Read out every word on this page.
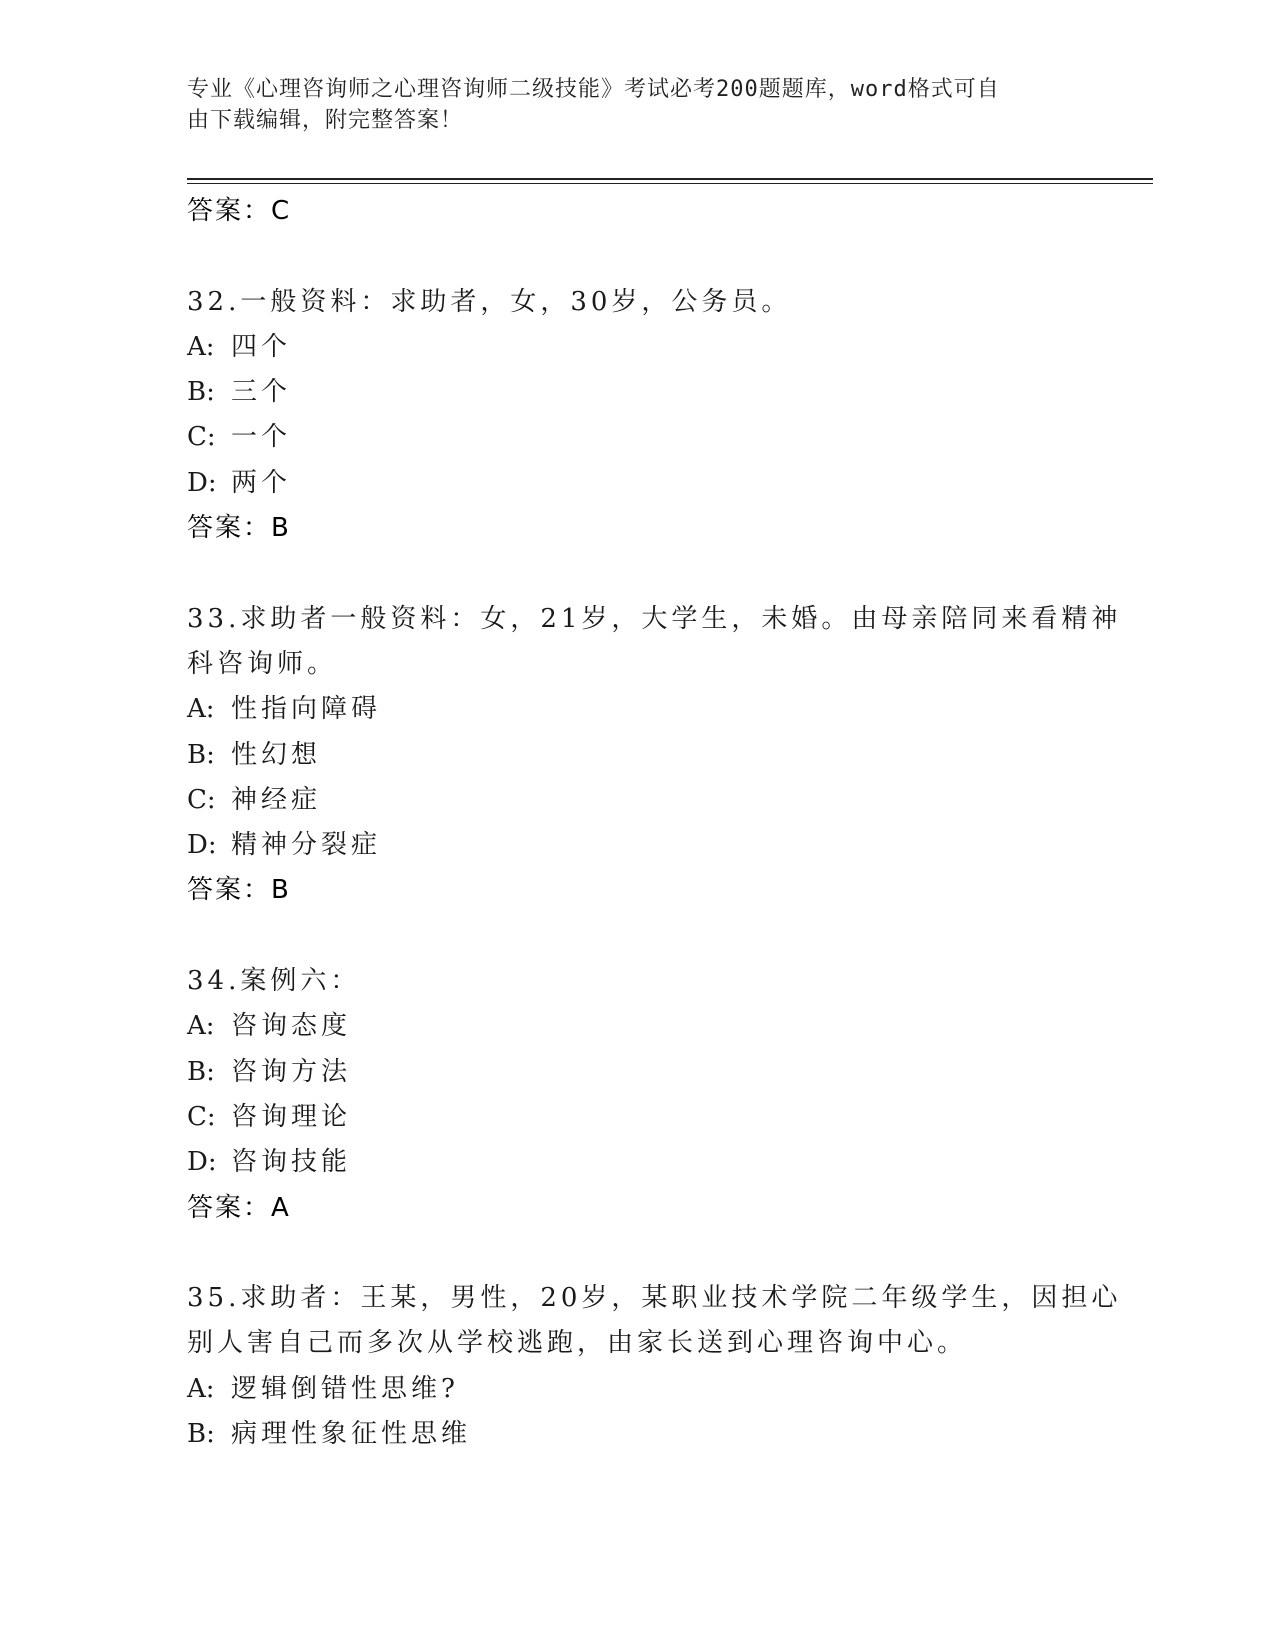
专业《心理咨询师之心理咨询师二级技能》考试必考200题题库，word格式可自
由下载编辑，附完整答案！
答案：C
32.一般资料：求助者，女，30岁，公务员。
A: 四个
B: 三个
C: 一个
D: 两个
答案：B
33.求助者一般资料：女，21岁，大学生，未婚。由母亲陪同来看精神
科咨询师。
A: 性指向障碍
B: 性幻想
C: 神经症
D: 精神分裂症
答案：B
34.案例六：
A: 咨询态度
B: 咨询方法
C: 咨询理论
D: 咨询技能
答案：A
35.求助者：王某，男性，20岁，某职业技术学院二年级学生，因担心
别人害自己而多次从学校逃跑，由家长送到心理咨询中心。
A: 逻辑倒错性思维?
B: 病理性象征性思维
